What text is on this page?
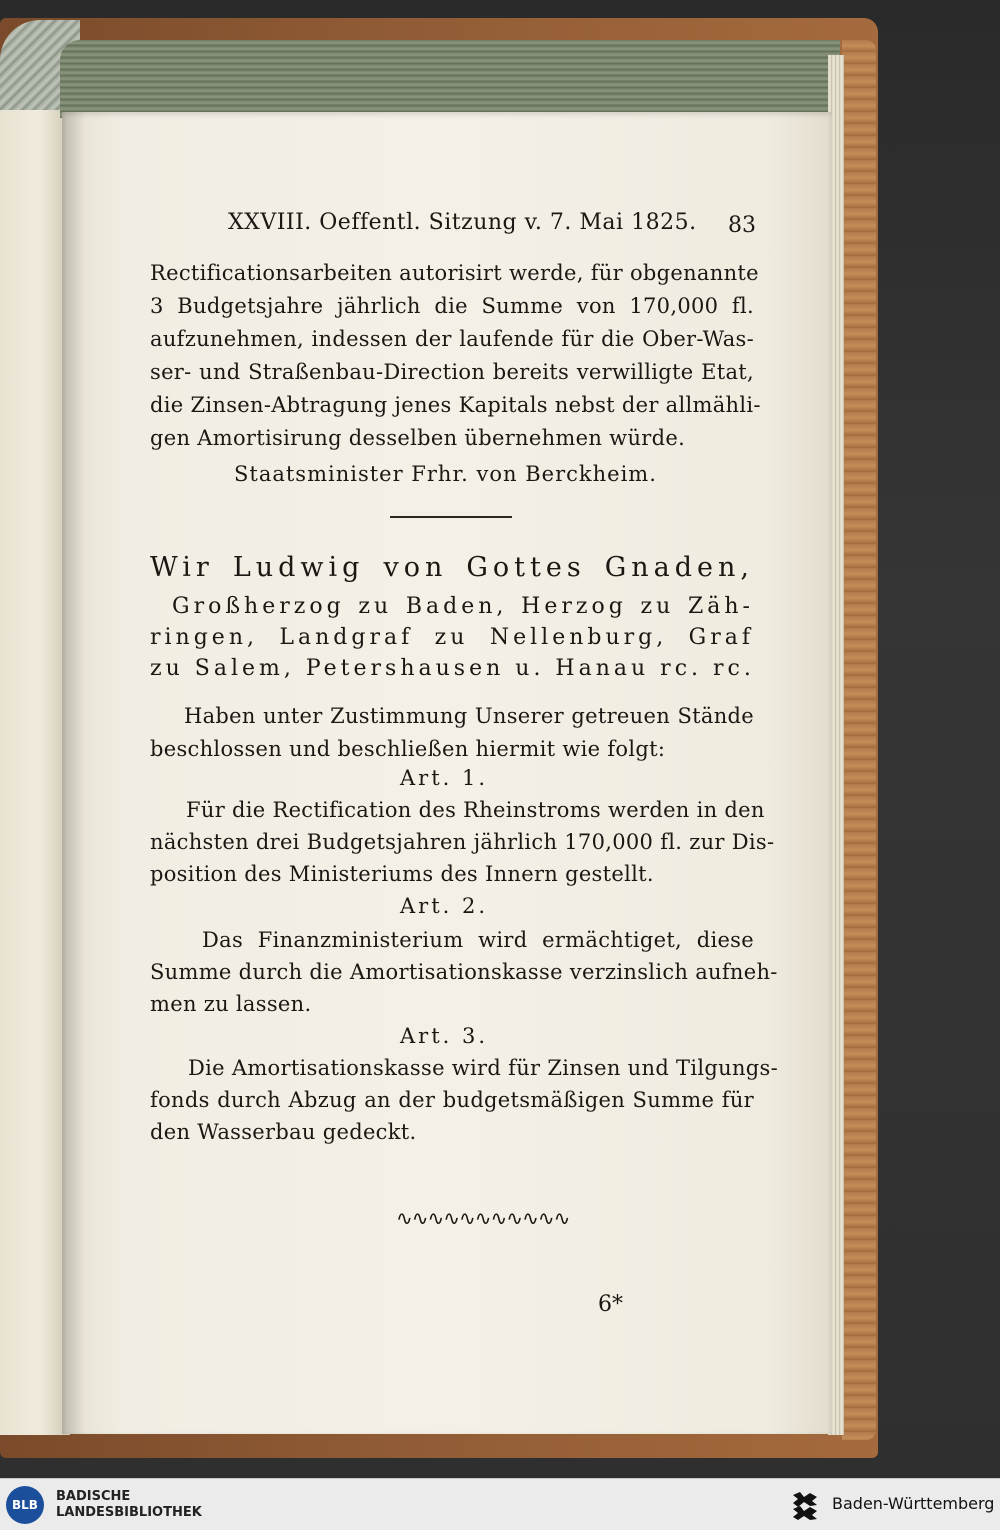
XXVIII. Oeffentl. Sitzung v. 7. Mai 1825. 83
Rectificationsarbeiten autorisirt werde, für obgenannte
3 Budgetsjahre jährlich die Summe von 170,000 fl.
aufzunehmen, indessen der laufende für die Ober-Was-
ser- und Straßenbau-Direction bereits verwilligte Etat,
die Zinsen-Abtragung jenes Kapitals nebst der allmähli-
gen Amortisirung desselben übernehmen würde.
Staatsminister Frhr. von Berckheim.
Wir Ludwig von Gottes Gnaden,
Großherzog zu Baden, Herzog zu Zäh-
ringen, Landgraf zu Nellenburg, Graf
zu Salem, Petershausen u. Hanau rc. rc.
Haben unter Zustimmung Unserer getreuen Stände
beschlossen und beschließen hiermit wie folgt:
Art. 1.
Für die Rectification des Rheinstroms werden in den
nächsten drei Budgetsjahren jährlich 170,000 fl. zur Dis-
position des Ministeriums des Innern gestellt.
Art. 2.
Das Finanzministerium wird ermächtiget, diese
Summe durch die Amortisationskasse verzinslich aufneh-
men zu lassen.
Art. 3.
Die Amortisationskasse wird für Zinsen und Tilgungs-
fonds durch Abzug an der budgetsmäßigen Summe für
den Wasserbau gedeckt.
∿∿∿∿∿∿∿∿∿∿∿
6*
BLB
BADISCHE
LANDESBIBLIOTHEK	Baden-Württemberg
